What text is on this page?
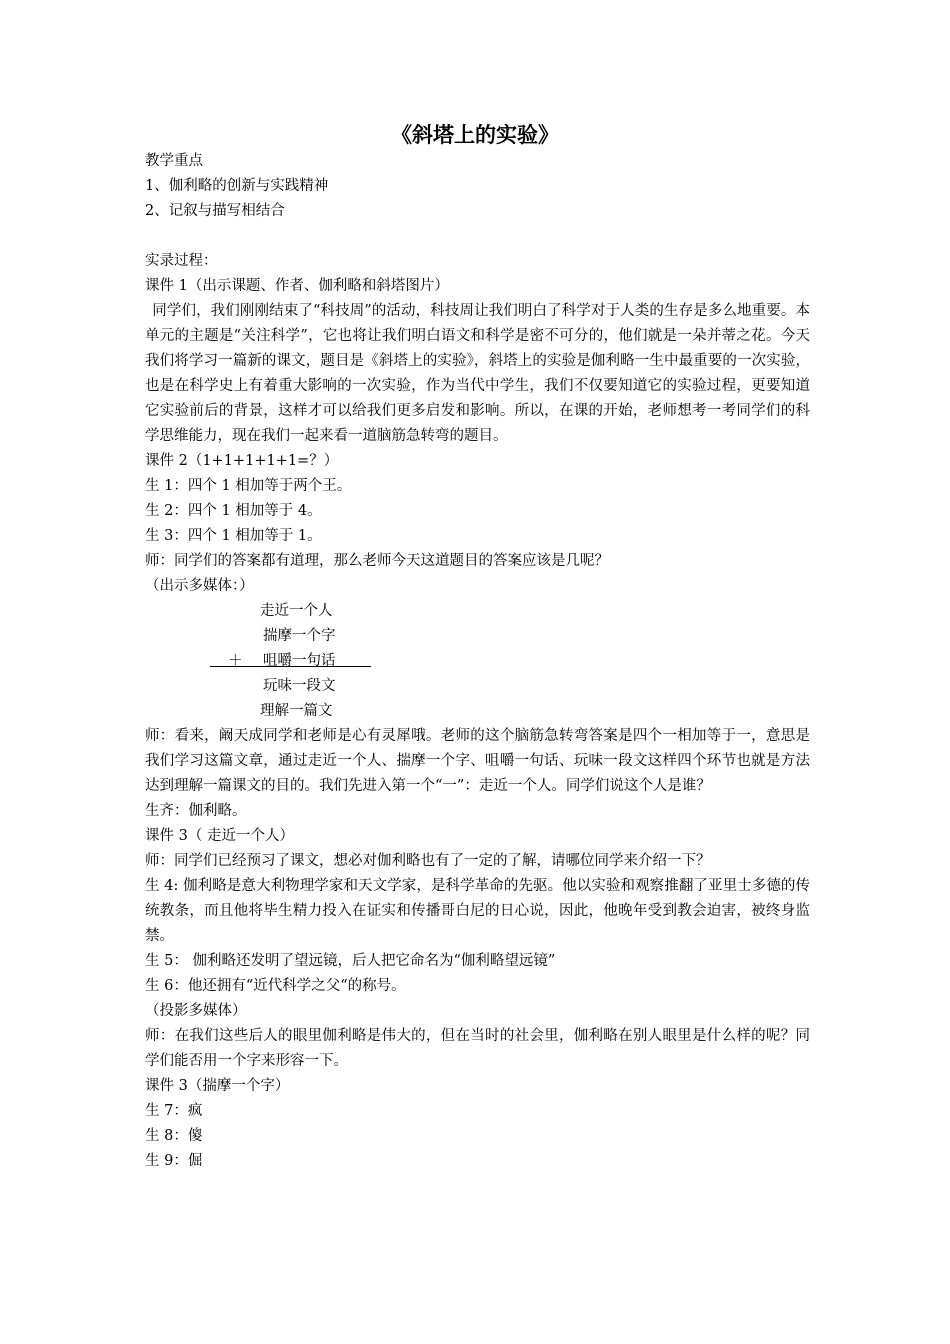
《斜塔上的实验》

教学重点

1、伽利略的创新与实践精神

2、记叙与描写相结合

实录过程：

课件 1（出示课题、作者、伽利略和斜塔图片）

同学们，我们刚刚结束了“科技周”的活动，科技周让我们明白了科学对于人类的生存是多么地重要。本单元的主题是“关注科学”，它也将让我们明白语文和科学是密不可分的，他们就是一朵并蒂之花。今天我们将学习一篇新的课文，题目是《斜塔上的实验》，斜塔上的实验是伽利略一生中最重要的一次实验，也是在科学史上有着重大影响的一次实验，作为当代中学生，我们不仅要知道它的实验过程，更要知道它实验前后的背景，这样才可以给我们更多启发和影响。所以，在课的开始，老师想考一考同学们的科学思维能力，现在我们一起来看一道脑筋急转弯的题目。

课件 2（1+1+1+1+1=？）

生 1：四个 1 相加等于两个王。

生 2：四个 1 相加等于 4。

生 3：四个 1 相加等于 1。

师：同学们的答案都有道理，那么老师今天这道题目的答案应该是几呢？

（出示多媒体：）

走近一个人
揣摩一个字
咀嚼一句话
＋
玩味一段文
理解一篇文

师：看来，阚天成同学和老师是心有灵犀哦。老师的这个脑筋急转弯答案是四个一相加等于一，意思是我们学习这篇文章，通过走近一个人、揣摩一个字、咀嚼一句话、玩味一段文这样四个环节也就是方法达到理解一篇课文的目的。我们先进入第一个“一”：走近一个人。同学们说这个人是谁？

生齐：伽利略。

课件 3（ 走近一个人）

师：同学们已经预习了课文，想必对伽利略也有了一定的了解，请哪位同学来介绍一下？

生 4: 伽利略是意大利物理学家和天文学家，是科学革命的先驱。他以实验和观察推翻了亚里士多德的传统教条，而且他将毕生精力投入在证实和传播哥白尼的日心说，因此，他晚年受到教会迫害，被终身监禁。

生 5： 伽利略还发明了望远镜，后人把它命名为“伽利略望远镜”

生 6：他还拥有“近代科学之父“的称号。

（投影多媒体）

师：在我们这些后人的眼里伽利略是伟大的，但在当时的社会里，伽利略在别人眼里是什么样的呢？同学们能否用一个字来形容一下。

课件 3（揣摩一个字）

生 7：疯

生 8：傻

生 9：倔
